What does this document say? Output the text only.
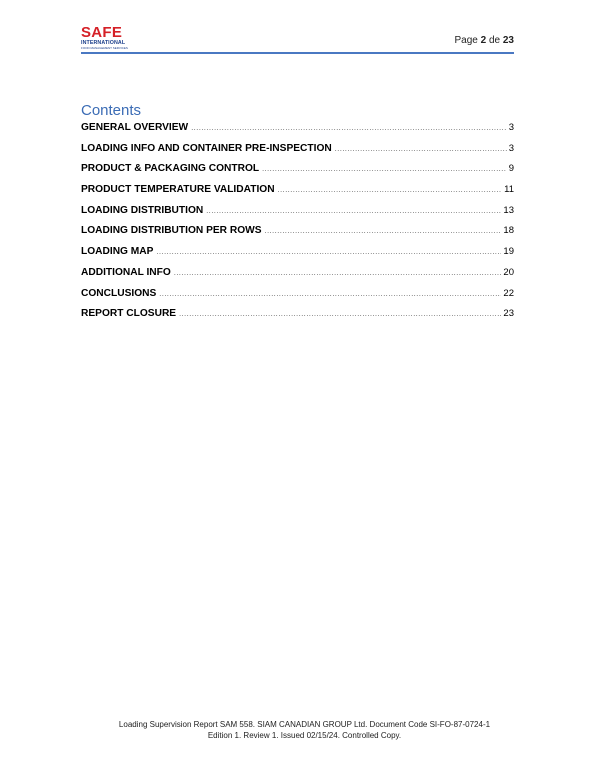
SAFE
INTERNATIONAL
FOOD MANAGEMENT SERVICES
Page 2 de 23
Contents
GENERAL OVERVIEW .....	3
LOADING INFO AND CONTAINER PRE-INSPECTION .....	3
PRODUCT & PACKAGING CONTROL .....	9
PRODUCT TEMPERATURE VALIDATION .....	11
LOADING DISTRIBUTION .....	13
LOADING DISTRIBUTION PER ROWS .....	18
LOADING MAP .....	19
ADDITIONAL INFO .....	20
CONCLUSIONS .....	22
REPORT CLOSURE .....	23
Loading Supervision Report SAM 558. SIAM CANADIAN GROUP Ltd. Document Code SI-FO-87-0724-1
Edition 1. Review 1. Issued 02/15/24. Controlled Copy.
